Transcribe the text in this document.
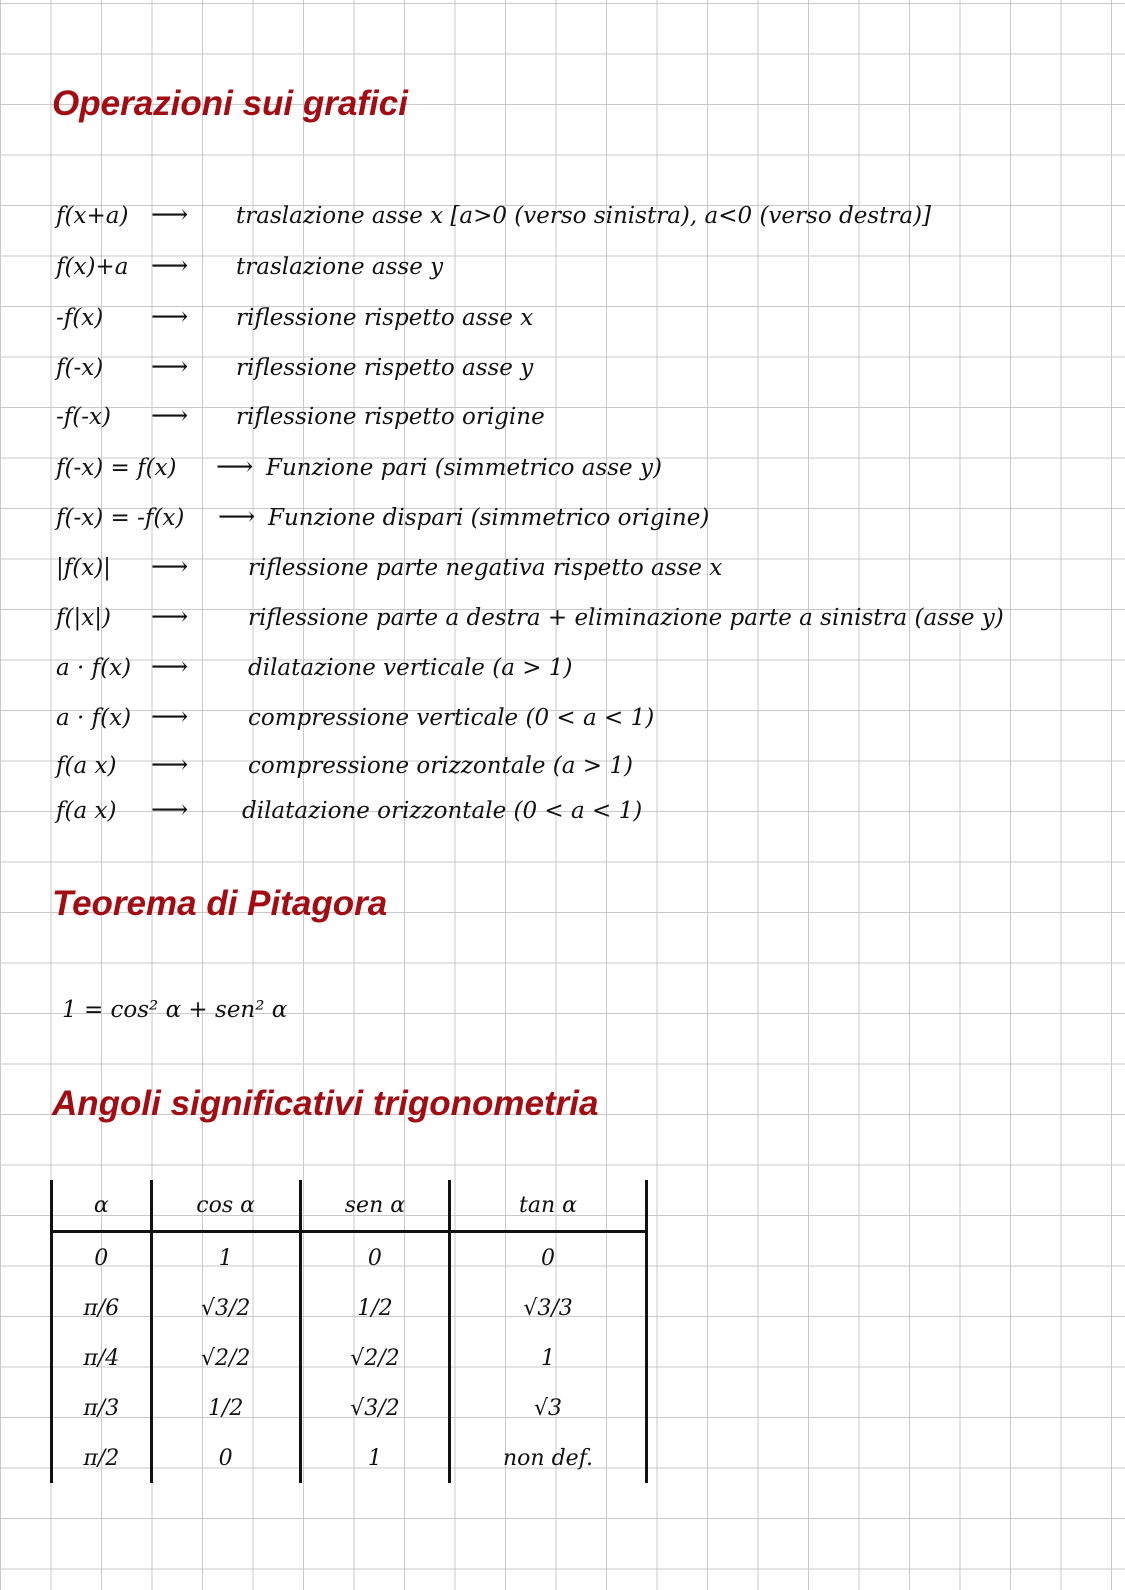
Operazioni sui grafici
f(x+a) ⟶ traslazione asse x [a>0 (verso sinistra), a<0 (verso destra)]
f(x)+a ⟶ traslazione asse y
-f(x) ⟶ riflessione rispetto asse x
f(-x) ⟶ riflessione rispetto asse y
-f(-x) ⟶ riflessione rispetto origine
f(-x) = f(x) ⟶ Funzione pari (simmetrico asse y)
f(-x) = -f(x) ⟶ Funzione dispari (simmetrico origine)
|f(x)| ⟶	riflessione parte negativa rispetto asse x
f(|x|) ⟶	riflessione parte a destra + eliminazione parte a sinistra (asse y)
a · f(x) ⟶	dilatazione verticale (a > 1)
a · f(x) ⟶	compressione verticale (0 < a < 1)
f(a x) ⟶	compressione orizzontale (a > 1)
f(a x) ⟶ dilatazione orizzontale (0 < a < 1)
Teorema di Pitagora
1 = cos² α + sen² α
Angoli significativi trigonometria
α	cos α	sen α	tan α
0	1	0	0
π/6	√3/2	1/2	√3/3
π/4	√2/2	√2/2	1
π/3	1/2	√3/2	√3
π/2	0	1	non def.
